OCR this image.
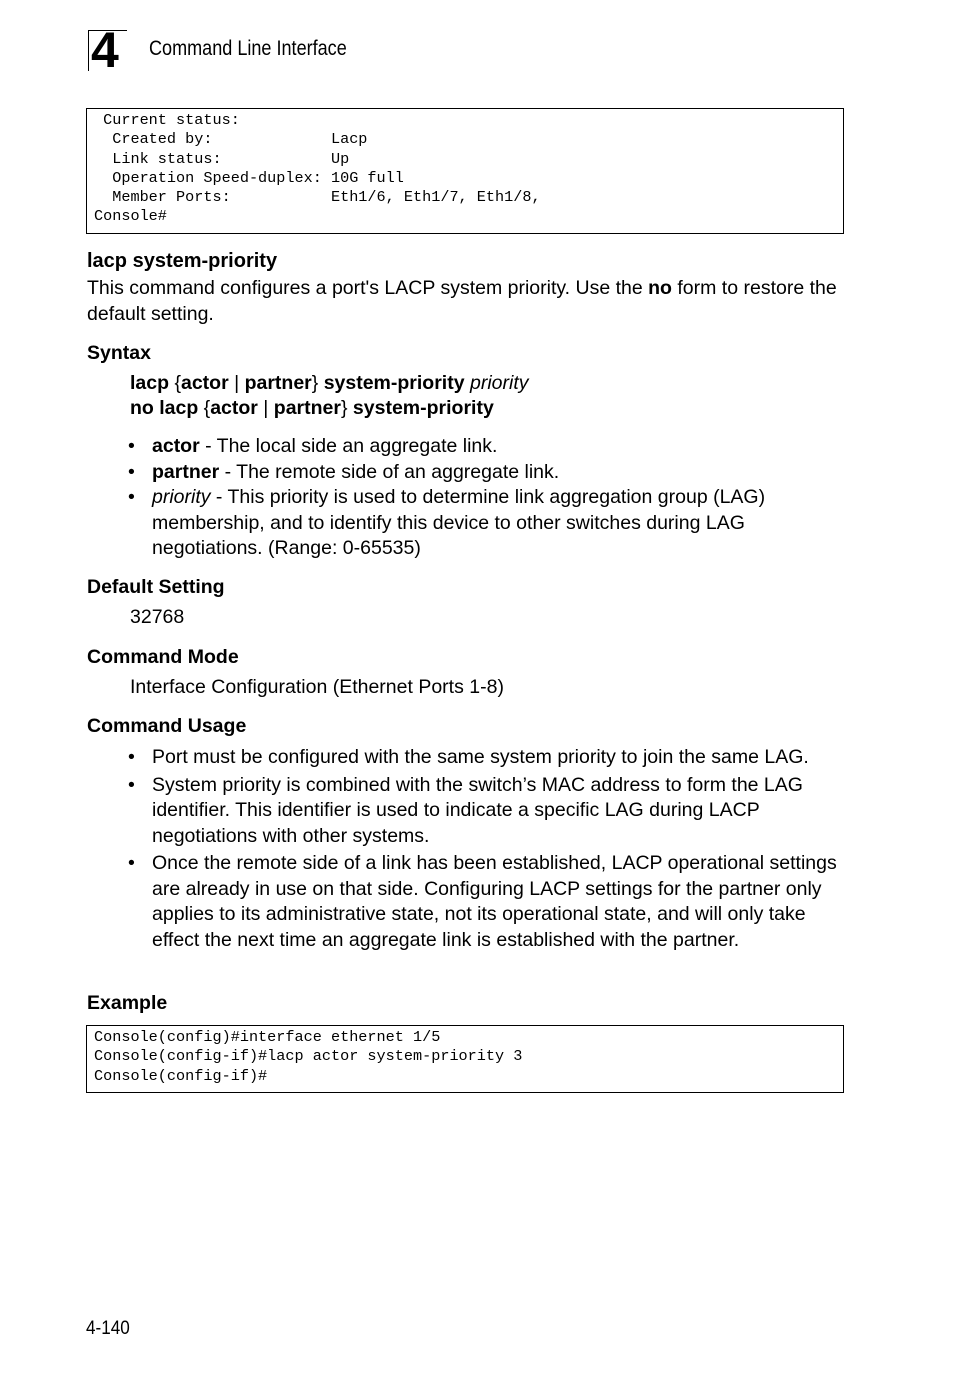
4 Command Line Interface
Current status:
Created by:             Lacp
Link status:            Up
Operation Speed-duplex: 10G full
Member Ports:           Eth1/6, Eth1/7, Eth1/8,
Console#
lacp system-priority
This command configures a port's LACP system priority. Use the no form to restore the default setting.
Syntax
lacp {actor | partner} system-priority priority
no lacp {actor | partner} system-priority
• actor - The local side an aggregate link.
• partner - The remote side of an aggregate link.
• priority - This priority is used to determine link aggregation group (LAG) membership, and to identify this device to other switches during LAG negotiations. (Range: 0-65535)
Default Setting
32768
Command Mode
Interface Configuration (Ethernet Ports 1-8)
Command Usage
• Port must be configured with the same system priority to join the same LAG.
• System priority is combined with the switch’s MAC address to form the LAG identifier. This identifier is used to indicate a specific LAG during LACP negotiations with other systems.
• Once the remote side of a link has been established, LACP operational settings are already in use on that side. Configuring LACP settings for the partner only applies to its administrative state, not its operational state, and will only take effect the next time an aggregate link is established with the partner.
Example
Console(config)#interface ethernet 1/5
Console(config-if)#lacp actor system-priority 3
Console(config-if)#
4-140
